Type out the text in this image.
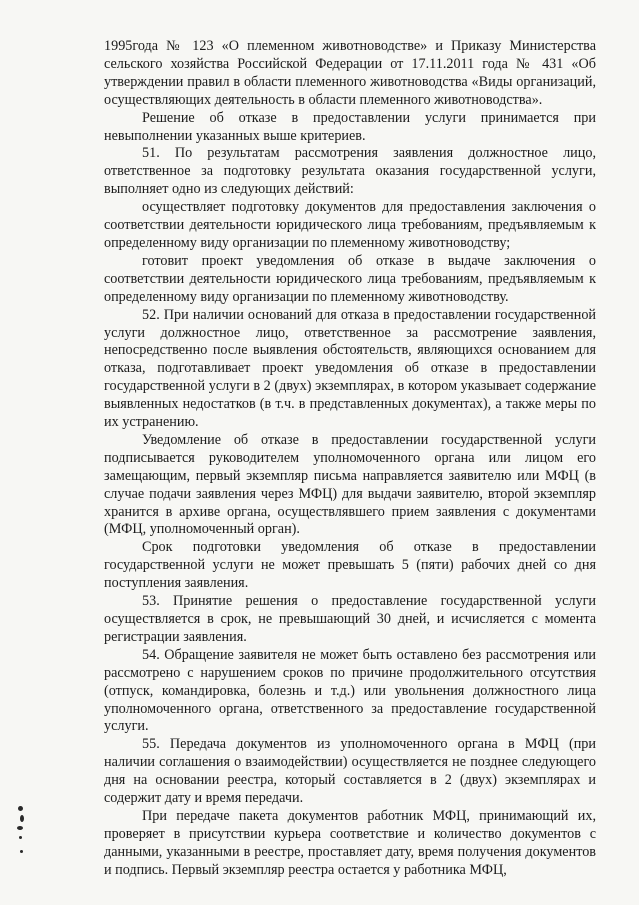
1995года № 123 «О племенном животноводстве» и Приказу Министерства сельского хозяйства Российской Федерации от 17.11.2011 года № 431 «Об утверждении правил в области племенного животноводства «Виды организаций, осуществляющих деятельность в области племенного животноводства».

Решение об отказе в предоставлении услуги принимается при невыполнении указанных выше критериев.

51. По результатам рассмотрения заявления должностное лицо, ответственное за подготовку результата оказания государственной услуги, выполняет одно из следующих действий:

осуществляет подготовку документов для предоставления заключения о соответствии деятельности юридического лица требованиям, предъявляемым к определенному виду организации по племенному животноводству;

готовит проект уведомления об отказе в выдаче заключения о соответствии деятельности юридического лица требованиям, предъявляемым к определенному виду организации по племенному животноводству.

52. При наличии оснований для отказа в предоставлении государственной услуги должностное лицо, ответственное за рассмотрение заявления, непосредственно после выявления обстоятельств, являющихся основанием для отказа, подготавливает проект уведомления об отказе в предоставлении государственной услуги в 2 (двух) экземплярах, в котором указывает содержание выявленных недостатков (в т.ч. в представленных документах), а также меры по их устранению.

Уведомление об отказе в предоставлении государственной услуги подписывается руководителем уполномоченного органа или лицом его замещающим, первый экземпляр письма направляется заявителю или МФЦ (в случае подачи заявления через МФЦ) для выдачи заявителю, второй экземпляр хранится в архиве органа, осуществлявшего прием заявления с документами (МФЦ, уполномоченный орган).

Срок подготовки уведомления об отказе в предоставлении государственной услуги не может превышать 5 (пяти) рабочих дней со дня поступления заявления.

53. Принятие решения о предоставление государственной услуги осуществляется в срок, не превышающий 30 дней, и исчисляется с момента регистрации заявления.

54. Обращение заявителя не может быть оставлено без рассмотрения или рассмотрено с нарушением сроков по причине продолжительного отсутствия (отпуск, командировка, болезнь и т.д.) или увольнения должностного лица уполномоченного органа, ответственного за предоставление государственной услуги.

55. Передача документов из уполномоченного органа в МФЦ (при наличии соглашения о взаимодействии) осуществляется не позднее следующего дня на основании реестра, который составляется в 2 (двух) экземплярах и содержит дату и время передачи.

При передаче пакета документов работник МФЦ, принимающий их, проверяет в присутствии курьера соответствие и количество документов с данными, указанными в реестре, проставляет дату, время получения документов и подпись. Первый экземпляр реестра остается у работника МФЦ,
